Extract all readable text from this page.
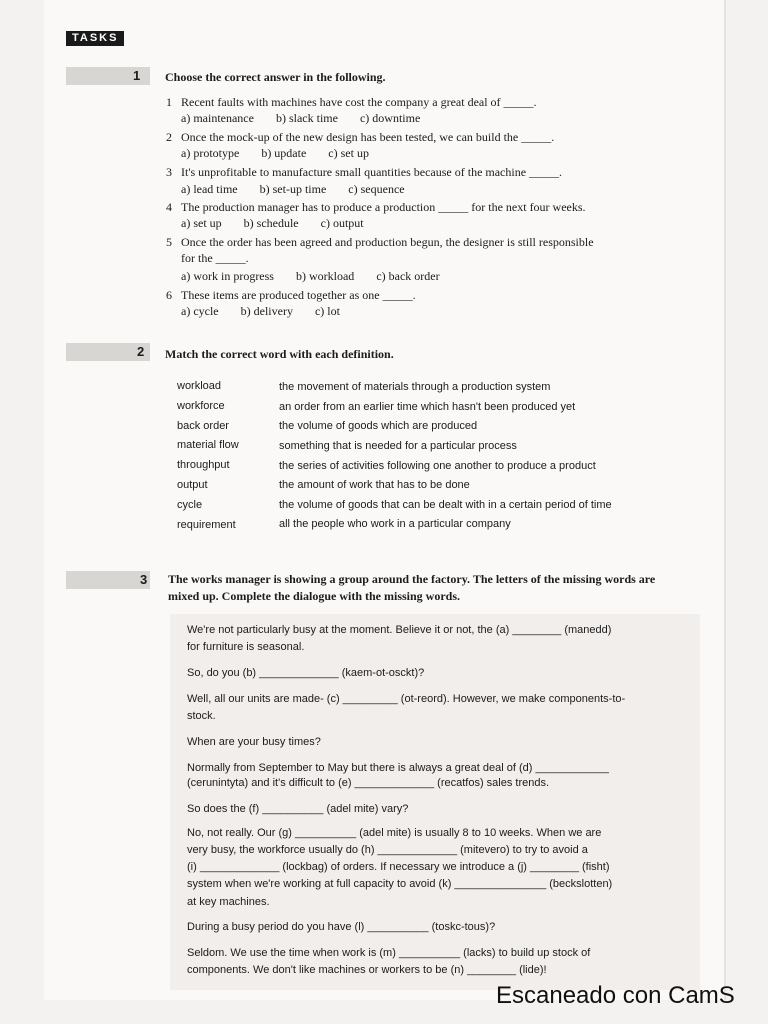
TASKS
1 Choose the correct answer in the following.
1 Recent faults with machines have cost the company a great deal of _____.
a) maintenance b) slack time c) downtime
2 Once the mock-up of the new design has been tested, we can build the _____.
a) prototype b) update c) set up
3 It's unprofitable to manufacture small quantities because of the machine _____.
a) lead time b) set-up time c) sequence
4 The production manager has to produce a production _____ for the next four weeks.
a) set up b) schedule c) output
5 Once the order has been agreed and production begun, the designer is still responsible
for the _____.
a) work in progress b) workload c) back order
6 These items are produced together as one _____.
a) cycle b) delivery c) lot
2 Match the correct word with each definition.
workload	the movement of materials through a production system
workforce	an order from an earlier time which hasn't been produced yet
back order	the volume of goods which are produced
material flow	something that is needed for a particular process
throughput	the series of activities following one another to produce a product
output	the amount of work that has to be done
cycle	the volume of goods that can be dealt with in a certain period of time
requirement	all the people who work in a particular company
3 The works manager is showing a group around the factory. The letters of the missing words are
mixed up. Complete the dialogue with the missing words.
We're not particularly busy at the moment. Believe it or not, the (a) ________ (manedd)
for furniture is seasonal.
So, do you (b) _____________ (kaem-ot-osckt)?
Well, all our units are made- (c) _________ (ot-reord). However, we make components-to-
stock.
When are your busy times?
Normally from September to May but there is always a great deal of (d) ____________
(cerunintyta) and it's difficult to (e) _____________ (recatfos) sales trends.
So does the (f) __________ (adel mite) vary?
No, not really. Our (g) __________ (adel mite) is usually 8 to 10 weeks. When we are
very busy, the workforce usually do (h) _____________ (mitevero) to try to avoid a
(i) _____________ (lockbag) of orders. If necessary we introduce a (j) ________ (fisht)
system when we're working at full capacity to avoid (k) _______________ (beckslotten)
at key machines.
During a busy period do you have (l) __________ (toskc-tous)?
Seldom. We use the time when work is (m) __________ (lacks) to build up stock of
components. We don't like machines or workers to be (n) ________ (lide)!
Escaneado con CamS
